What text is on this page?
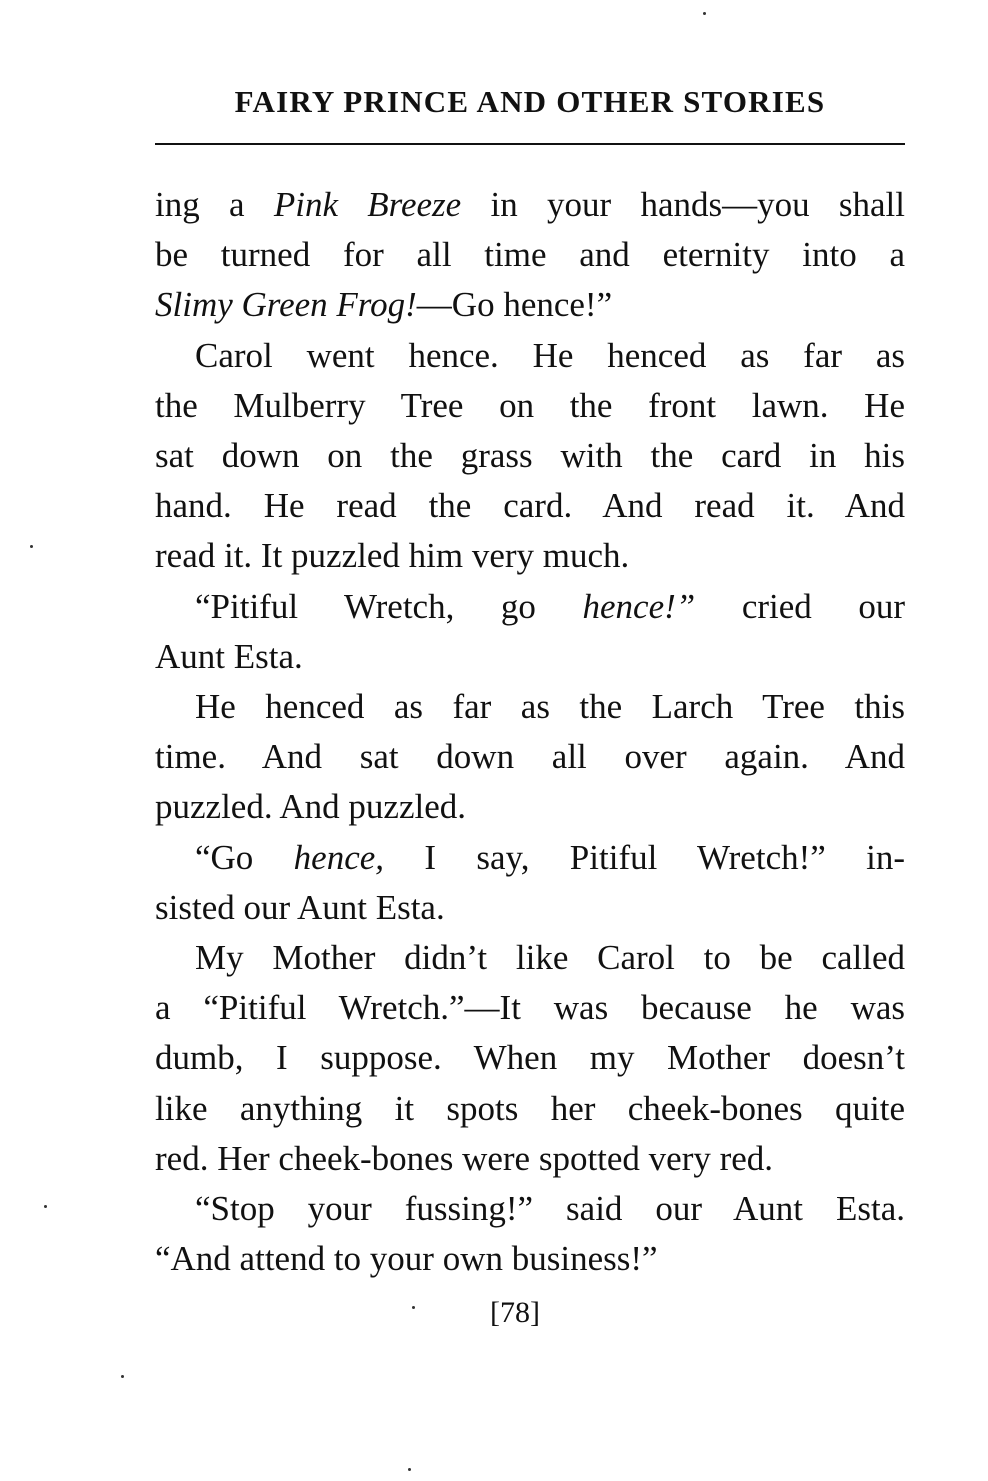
FAIRY PRINCE AND OTHER STORIES

ing a Pink Breeze in your hands—you shall

be turned for all time and eternity into a

Slimy Green Frog!—Go hence!”

Carol went hence. He henced as far as

the Mulberry Tree on the front lawn. He

sat down on the grass with the card in his

hand. He read the card. And read it. And

read it. It puzzled him very much.

“Pitiful Wretch, go hence!” cried our

Aunt Esta.

He henced as far as the Larch Tree this

time. And sat down all over again. And

puzzled. And puzzled.

“Go hence, I say, Pitiful Wretch!” in-

sisted our Aunt Esta.

My Mother didn’t like Carol to be called

a “Pitiful Wretch.”—It was because he was

dumb, I suppose. When my Mother doesn’t

like anything it spots her cheek-bones quite

red. Her cheek-bones were spotted very red.

“Stop your fussing!” said our Aunt Esta.

“And attend to your own business!”

[78]
